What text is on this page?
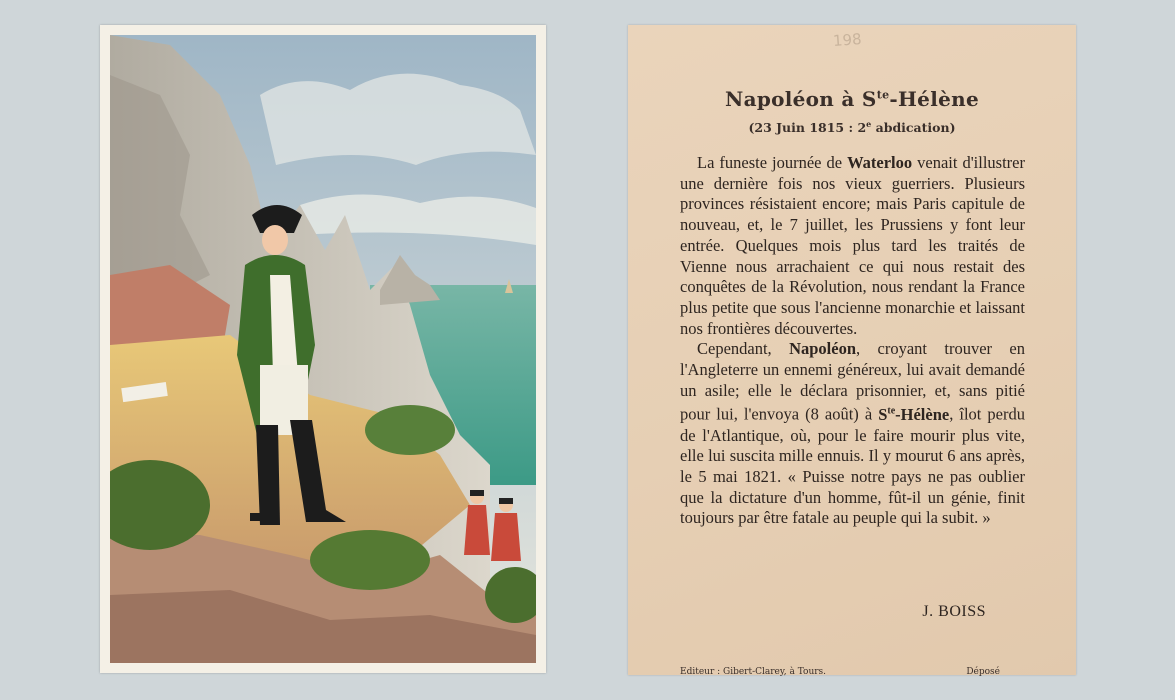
198
Napoléon à $S^{te}$-Hélène
(23 Juin 1815 : 2e abdication)

La funeste journée de Waterloo venait d'illustrer une dernière fois nos vieux guerriers. Plusieurs provinces résistaient encore; mais Paris capitule de nouveau, et, le 7 juillet, les Prussiens y font leur entrée. Quelques mois plus tard les traités de Vienne nous arrachaient ce qui nous restait des conquêtes de la Révolution, nous rendant la France plus petite que sous l'ancienne monarchie et laissant nos frontières découvertes.

Cependant, Napoléon, croyant trouver en l'Angleterre un ennemi généreux, lui avait demandé un asile; elle le déclara prisonnier, et, sans pitié pour lui, l'envoya (8 août) à $S^{te}$-Hélène, îlot perdu de l'Atlantique, où, pour le faire mourir plus vite, elle lui suscita mille ennuis. Il y mourut 6 ans après, le 5 mai 1821. « Puisse notre pays ne pas oublier que la dictature d'un homme, fût-il un génie, finit toujours par être fatale au peuple qui la subit. »

J. BOISS
Editeur : Gibert-Clarey, à Tours.	Déposé
